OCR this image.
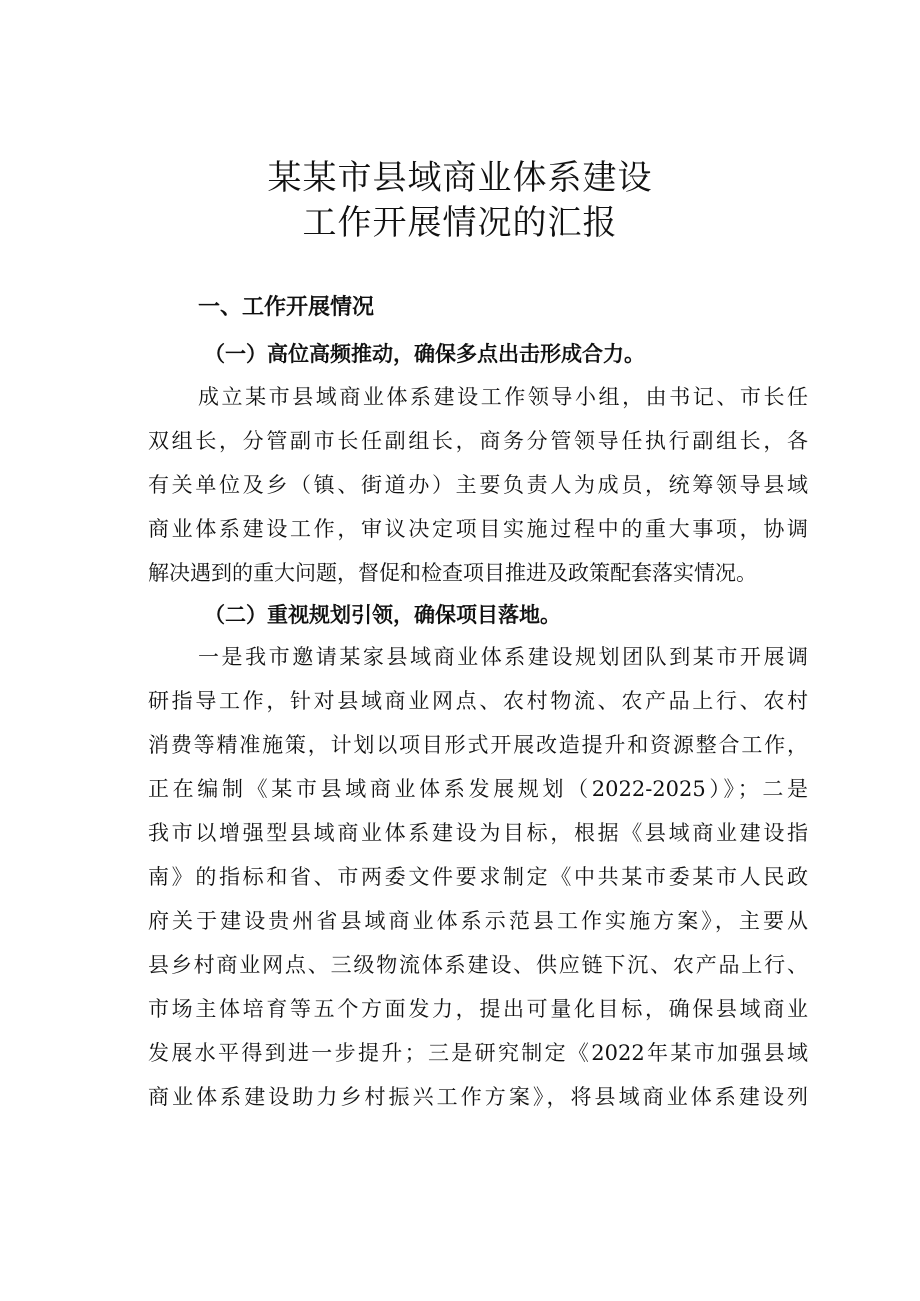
某某市县域商业体系建设
工作开展情况的汇报
一、工作开展情况
（一）高位高频推动，确保多点出击形成合力。
成立某市县域商业体系建设工作领导小组，由书记、市长任
双组长，分管副市长任副组长，商务分管领导任执行副组长，各
有关单位及乡（镇、街道办）主要负责人为成员，统筹领导县域
商业体系建设工作，审议决定项目实施过程中的重大事项，协调
解决遇到的重大问题，督促和检查项目推进及政策配套落实情况。
（二）重视规划引领，确保项目落地。
一是我市邀请某家县域商业体系建设规划团队到某市开展调
研指导工作，针对县域商业网点、农村物流、农产品上行、农村
消费等精准施策，计划以项目形式开展改造提升和资源整合工作，
正在编制《某市县域商业体系发展规划（2022-2025）》；二是
我市以增强型县域商业体系建设为目标，根据《县域商业建设指
南》的指标和省、市两委文件要求制定《中共某市委某市人民政
府关于建设贵州省县域商业体系示范县工作实施方案》，主要从
县乡村商业网点、三级物流体系建设、供应链下沉、农产品上行、
市场主体培育等五个方面发力，提出可量化目标，确保县域商业
发展水平得到进一步提升；三是研究制定《2022年某市加强县域
商业体系建设助力乡村振兴工作方案》，将县域商业体系建设列
